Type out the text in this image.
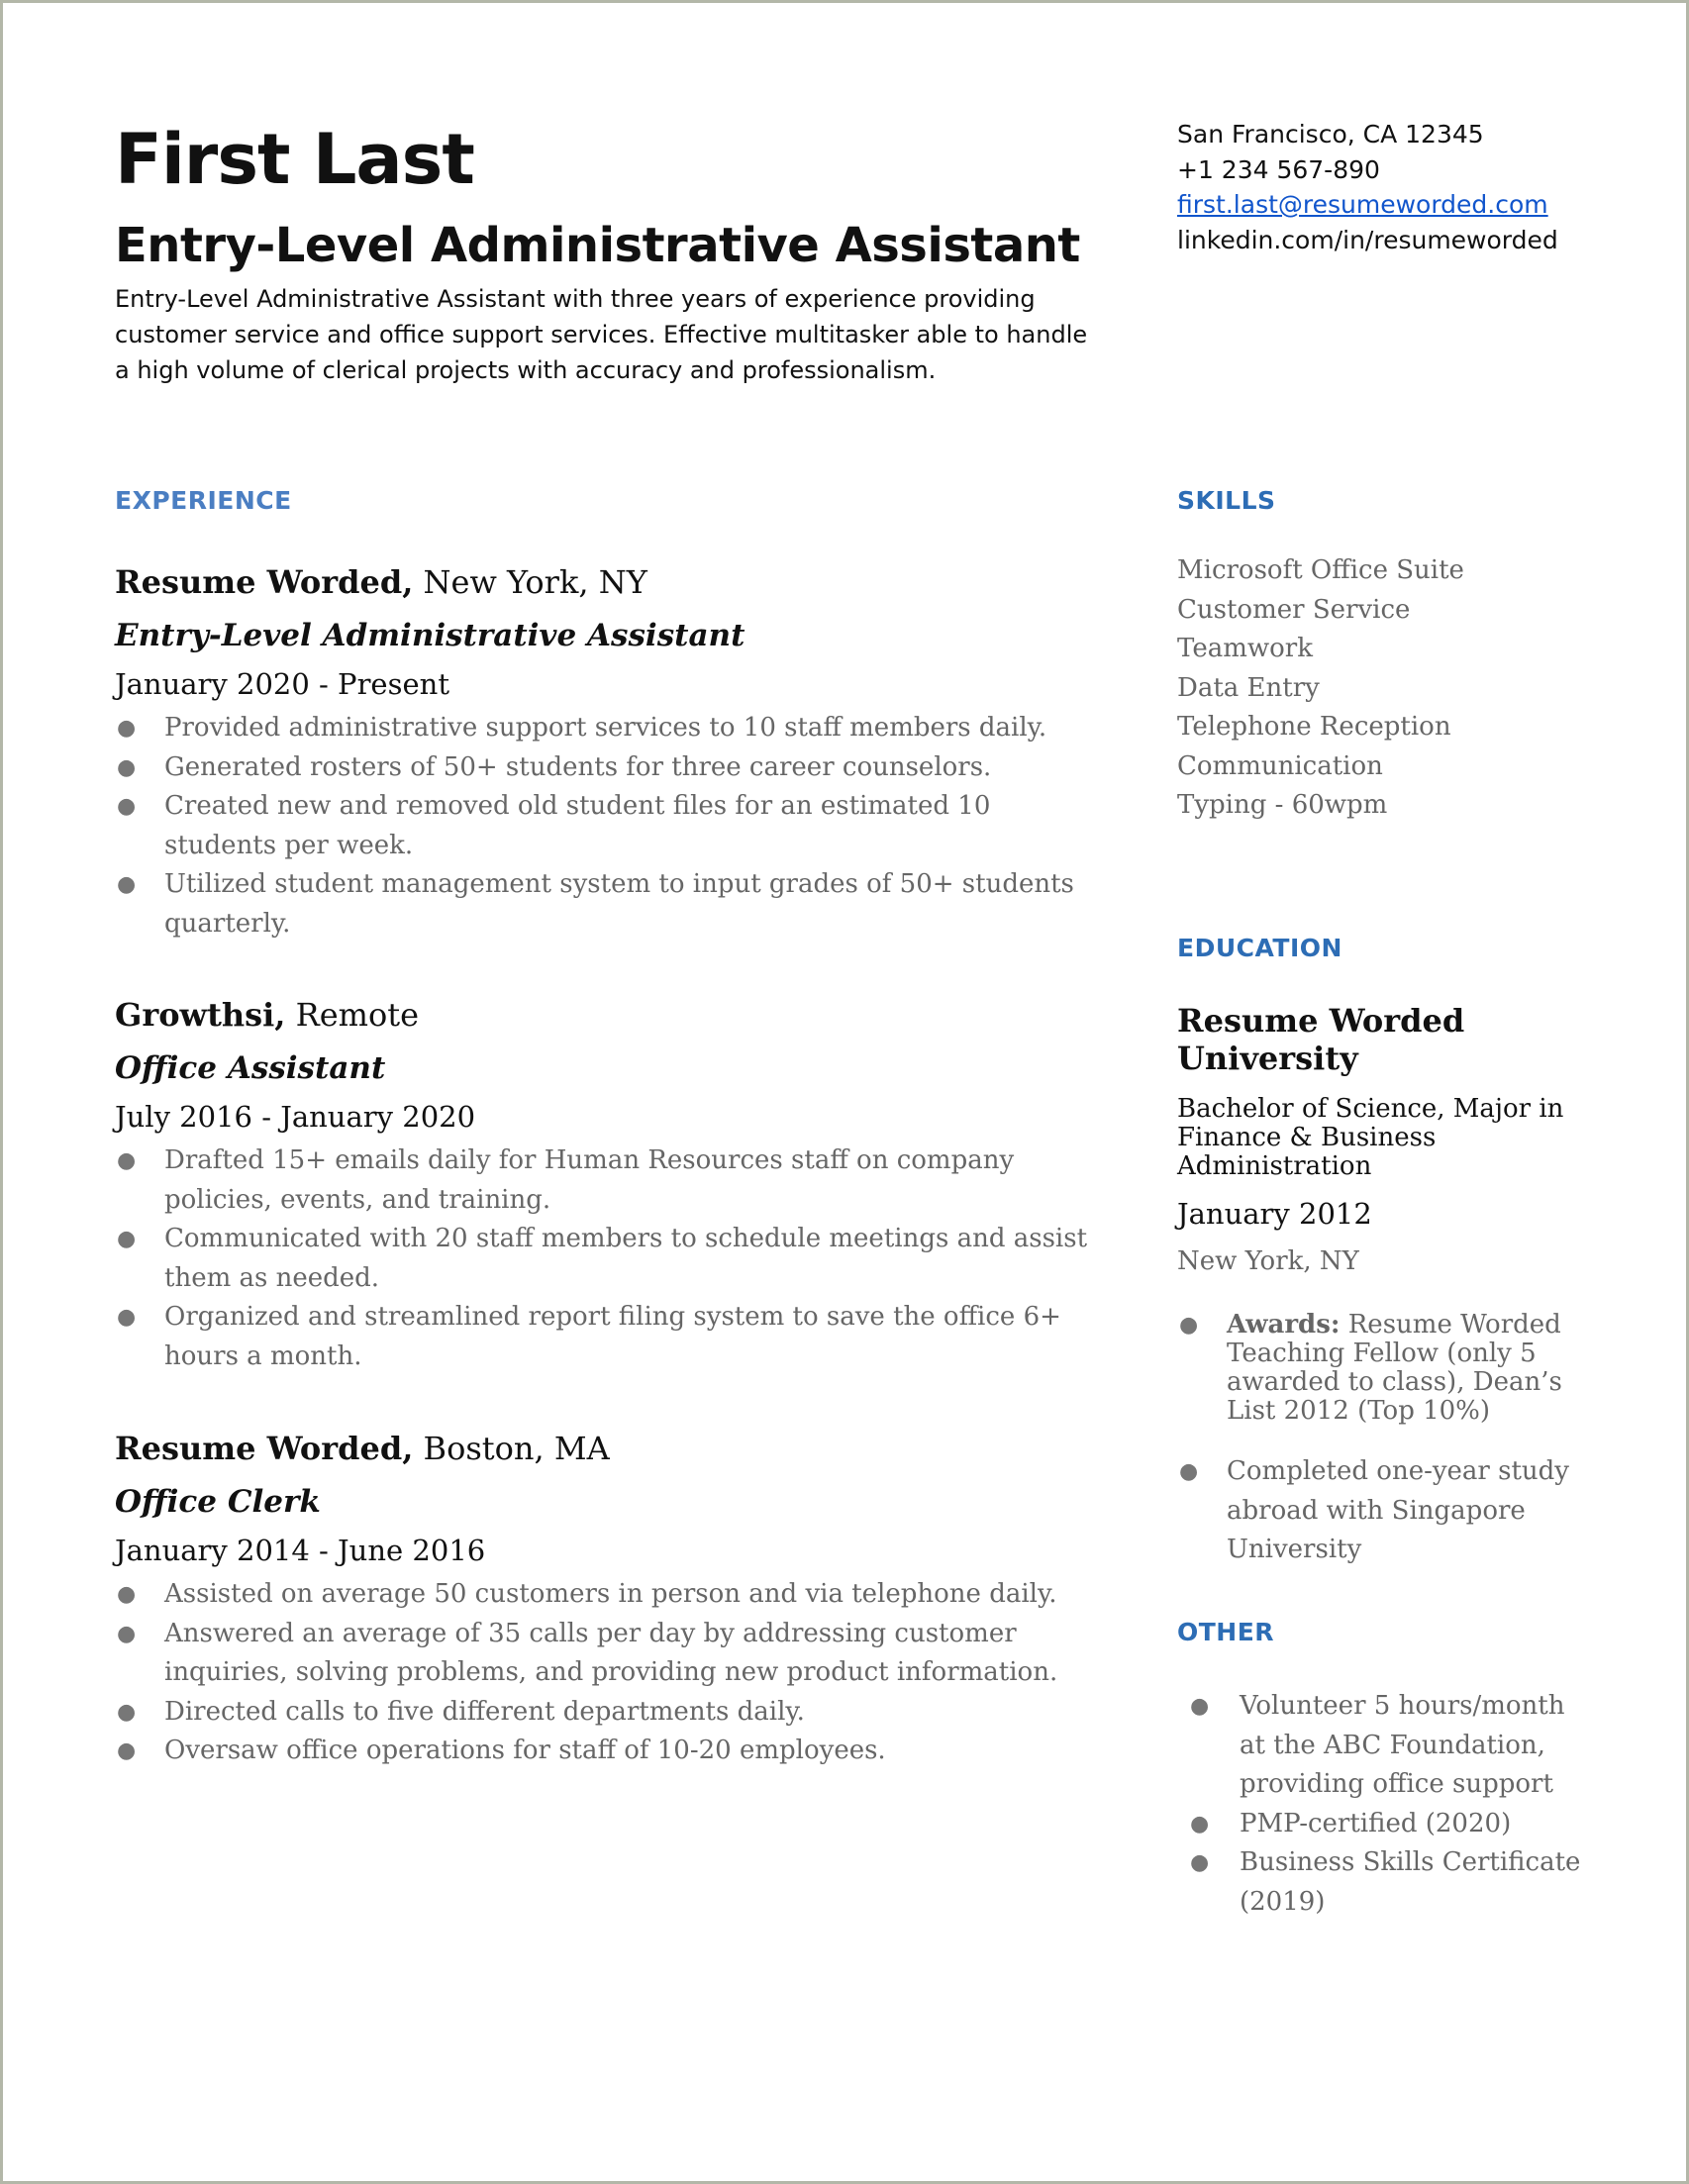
First Last
Entry-Level Administrative Assistant
Entry-Level Administrative Assistant with three years of experience providing customer service and office support services. Effective multitasker able to handle a high volume of clerical projects with accuracy and professionalism.
San Francisco, CA 12345
+1 234 567-890
first.last@resumeworded.com
linkedin.com/in/resumeworded
EXPERIENCE
Resume Worded, New York, NY
Entry-Level Administrative Assistant
January 2020 - Present
● Provided administrative support services to 10 staff members daily.
● Generated rosters of 50+ students for three career counselors.
● Created new and removed old student files for an estimated 10 students per week.
● Utilized student management system to input grades of 50+ students quarterly.
Growthsi, Remote
Office Assistant
July 2016 - January 2020
● Drafted 15+ emails daily for Human Resources staff on company policies, events, and training.
● Communicated with 20 staff members to schedule meetings and assist them as needed.
● Organized and streamlined report filing system to save the office 6+ hours a month.
Resume Worded, Boston, MA
Office Clerk
January 2014 - June 2016
● Assisted on average 50 customers in person and via telephone daily.
● Answered an average of 35 calls per day by addressing customer inquiries, solving problems, and providing new product information.
● Directed calls to five different departments daily.
● Oversaw office operations for staff of 10-20 employees.
SKILLS
Microsoft Office Suite
Customer Service
Teamwork
Data Entry
Telephone Reception
Communication
Typing - 60wpm
EDUCATION
Resume Worded University
Bachelor of Science, Major in Finance & Business Administration
January 2012
New York, NY
● Awards: Resume Worded Teaching Fellow (only 5 awarded to class), Dean’s List 2012 (Top 10%)
● Completed one-year study abroad with Singapore University
OTHER
● Volunteer 5 hours/month at the ABC Foundation, providing office support
● PMP-certified (2020)
● Business Skills Certificate (2019)
